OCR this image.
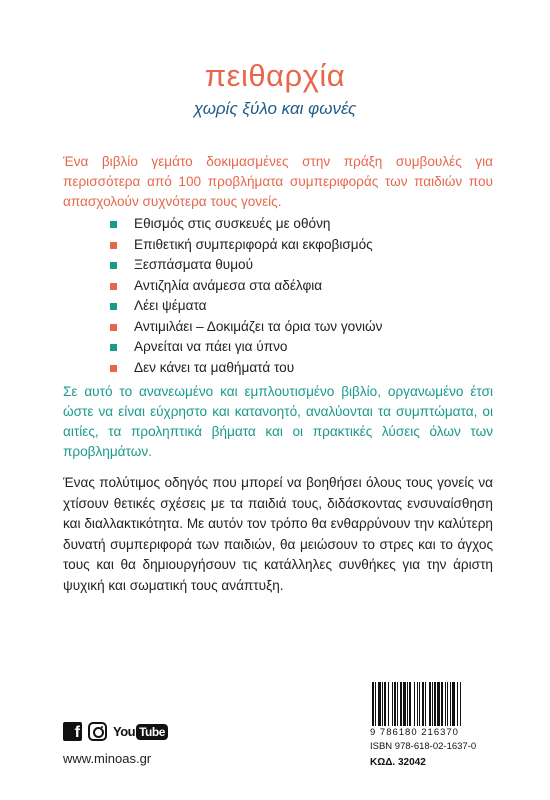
πειθαρχία
χωρίς ξύλο και φωνές
Ένα βιβλίο γεμάτο δοκιμασμένες στην πράξη συμβουλές για περισσότερα από 100 προβλήματα συμπεριφοράς των παιδιών που απασχολούν συχνότερα τους γονείς.
Εθισμός στις συσκευές με οθόνη
Επιθετική συμπεριφορά και εκφοβισμός
Ξεσπάσματα θυμού
Αντιζηλία ανάμεσα στα αδέλφια
Λέει ψέματα
Αντιμιλάει – Δοκιμάζει τα όρια των γονιών
Αρνείται να πάει για ύπνο
Δεν κάνει τα μαθήματά του
Σε αυτό το ανανεωμένο και εμπλουτισμένο βιβλίο, οργανωμένο έτσι ώστε να είναι εύχρηστο και κατανοητό, αναλύονται τα συμπτώματα, οι αιτίες, τα προληπτικά βήματα και οι πρακτικές λύσεις όλων των προβλημάτων.
Ένας πολύτιμος οδηγός που μπορεί να βοηθήσει όλους τους γονείς να χτίσουν θετικές σχέσεις με τα παιδιά τους, διδάσκοντας ενσυναίσθηση και διαλλακτικότητα. Με αυτόν τον τρόπο θα ενθαρρύνουν την καλύτερη δυνατή συμπεριφορά των παιδιών, θα μειώσουν το στρες και το άγχος τους και θα δημιουργήσουν τις κατάλληλες συνθήκες για την άριστη ψυχική και σωματική τους ανάπτυξη.
f	You Tube
www.minoas.gr
9 786180 216370
ISBN 978-618-02-1637-0
ΚΩΔ. 32042
